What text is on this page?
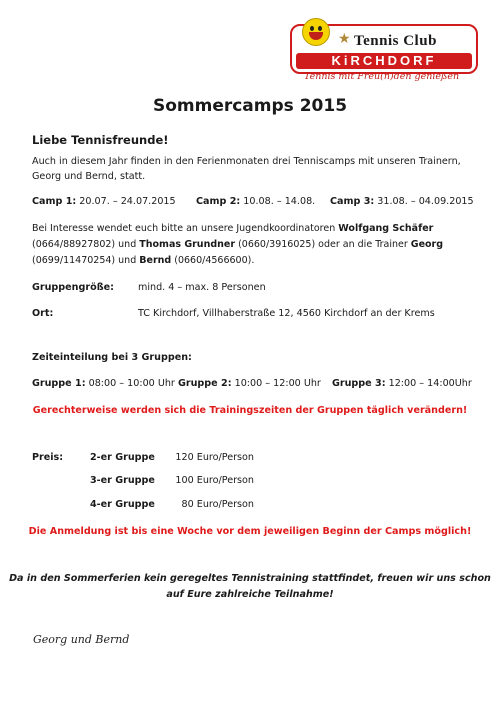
★ Tennis Club
KiRCHDORF
Tennis mit Freu(n)den genießen
Sommercamps 2015
Liebe Tennisfreunde!
Auch in diesem Jahr finden in den Ferienmonaten drei Tenniscamps mit unseren Trainern,
Georg und Bernd, statt.
Camp 1: 20.07. – 24.07.2015 Camp 2: 10.08. – 14.08. Camp 3: 31.08. – 04.09.2015
Bei Interesse wendet euch bitte an unsere Jugendkoordinatoren Wolfgang Schäfer
(0664/88927802) und Thomas Grundner (0660/3916025) oder an die Trainer Georg
(0699/11470254) und Bernd (0660/4566600).
Gruppengröße:	mind. 4 – max. 8 Personen
Ort:	TC Kirchdorf, Villhaberstraße 12, 4560 Kirchdorf an der Krems
Zeiteinteilung bei 3 Gruppen:
Gruppe 1: 08:00 – 10:00 Uhr Gruppe 2: 10:00 – 12:00 Uhr Gruppe 3: 12:00 – 14:00Uhr
Gerechterweise werden sich die Trainingszeiten der Gruppen täglich verändern!
Preis:	2-er Gruppe	120 Euro/Person
3-er Gruppe	100 Euro/Person
4-er Gruppe	80 Euro/Person
Die Anmeldung ist bis eine Woche vor dem jeweiligen Beginn der Camps möglich!
Da in den Sommerferien kein geregeltes Tennistraining stattfindet, freuen wir uns schon
auf Eure zahlreiche Teilnahme!
Georg und Bernd
